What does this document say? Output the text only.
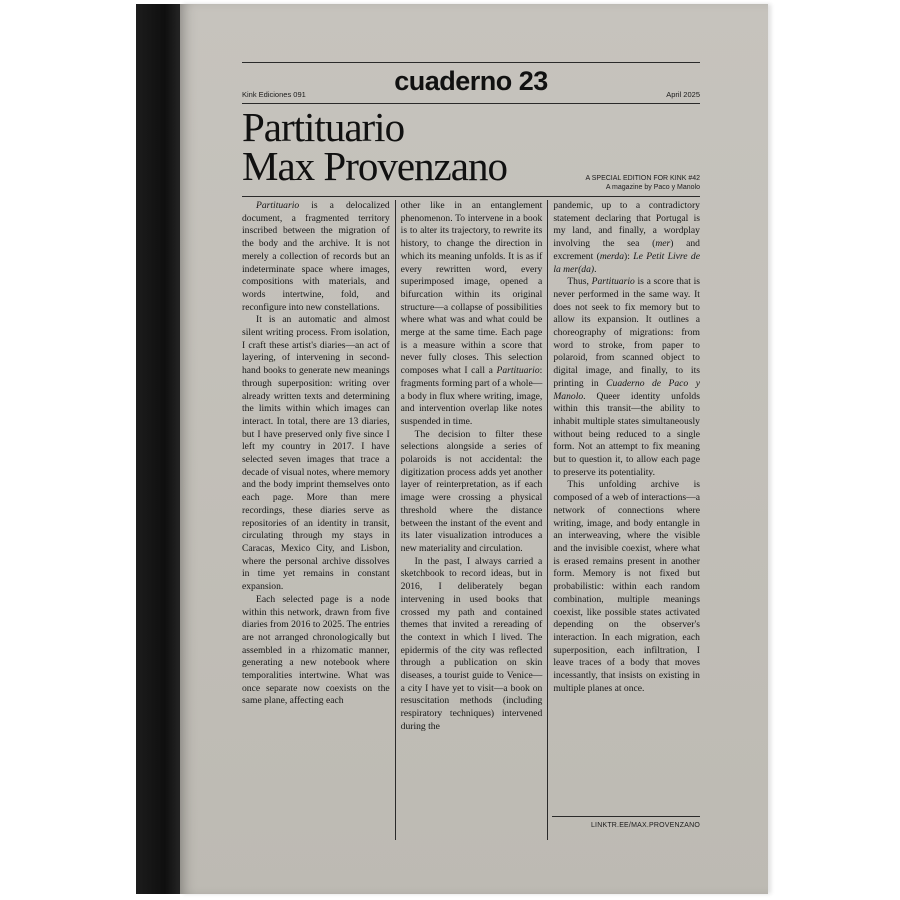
Kink Ediciones 091	cuaderno 23	April 2025
Partituario
Max Provenzano	A SPECIAL EDITION FOR KINK #42
A magazine by Paco y Manolo

Partituario is a delocalized document, a fragmented territory inscribed between the migration of the body and the archive. It is not merely a collection of records but an indeterminate space where images, compositions with materials, and words intertwine, fold, and reconfigure into new constellations.

It is an automatic and almost silent writing process. From isolation, I craft these artist's diaries—an act of layering, of intervening in second-hand books to generate new meanings through superposition: writing over already written texts and determining the limits within which images can interact. In total, there are 13 diaries, but I have preserved only five since I left my country in 2017. I have selected seven images that trace a decade of visual notes, where memory and the body imprint themselves onto each page. More than mere recordings, these diaries serve as repositories of an identity in transit, circulating through my stays in Caracas, Mexico City, and Lisbon, where the personal archive dissolves in time yet remains in constant expansion.

Each selected page is a node within this network, drawn from five diaries from 2016 to 2025. The entries are not arranged chronologically but assembled in a rhizomatic manner, generating a new notebook where temporalities intertwine. What was once separate now coexists on the same plane, affecting each

other like in an entanglement phenomenon. To intervene in a book is to alter its trajectory, to rewrite its history, to change the direction in which its meaning unfolds. It is as if every rewritten word, every superimposed image, opened a bifurcation within its original structure—a collapse of possibilities where what was and what could be merge at the same time. Each page is a measure within a score that never fully closes. This selection composes what I call a Partituario: fragments forming part of a whole—a body in flux where writing, image, and intervention overlap like notes suspended in time.

The decision to filter these selections alongside a series of polaroids is not accidental: the digitization process adds yet another layer of reinterpretation, as if each image were crossing a physical threshold where the distance between the instant of the event and its later visualization introduces a new materiality and circulation.

In the past, I always carried a sketchbook to record ideas, but in 2016, I deliberately began intervening in used books that crossed my path and contained themes that invited a rereading of the context in which I lived. The epidermis of the city was reflected through a publication on skin diseases, a tourist guide to Venice—a city I have yet to visit—a book on resuscitation methods (including respiratory techniques) intervened during the

pandemic, up to a contradictory statement declaring that Portugal is my land, and finally, a wordplay involving the sea (mer) and excrement (merda): Le Petit Livre de la mer(da).

Thus, Partituario is a score that is never performed in the same way. It does not seek to fix memory but to allow its expansion. It outlines a choreography of migrations: from word to stroke, from paper to polaroid, from scanned object to digital image, and finally, to its printing in Cuaderno de Paco y Manolo. Queer identity unfolds within this transit—the ability to inhabit multiple states simultaneously without being reduced to a single form. Not an attempt to fix meaning but to question it, to allow each page to preserve its potentiality.

This unfolding archive is composed of a web of interactions—a network of connections where writing, image, and body entangle in an interweaving, where the visible and the invisible coexist, where what is erased remains present in another form. Memory is not fixed but probabilistic: within each random combination, multiple meanings coexist, like possible states activated depending on the observer's interaction. In each migration, each superposition, each infiltration, I leave traces of a body that moves incessantly, that insists on existing in multiple planes at once.

LINKTR.EE/MAX.PROVENZANO
